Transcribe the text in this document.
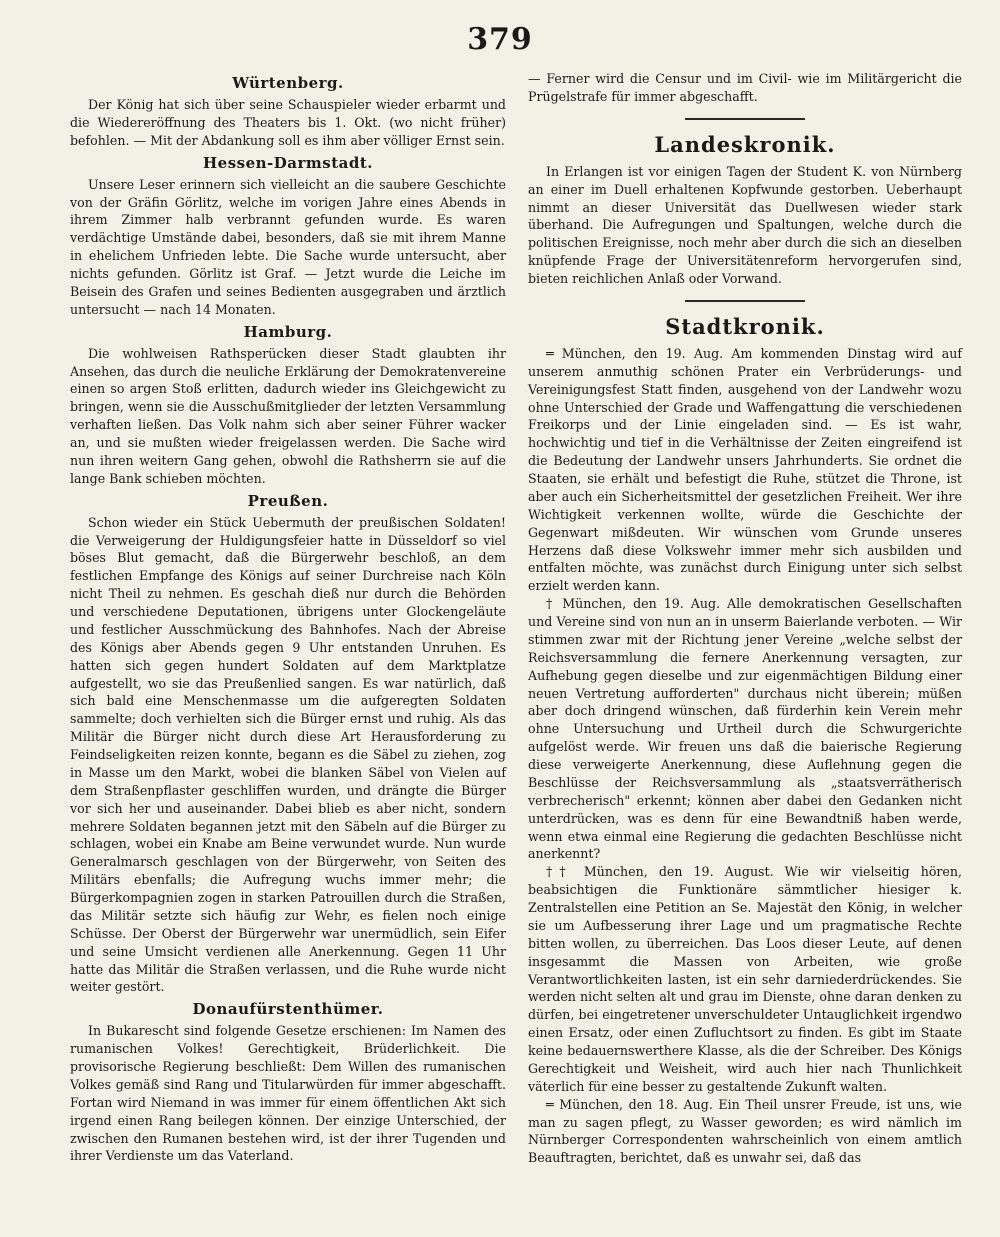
379
Würtenberg.

Der König hat sich über seine Schauspieler wieder erbarmt und die Wiedereröffnung des Theaters bis 1. Okt. (wo nicht früher) befohlen. — Mit der Abdankung soll es ihm aber völliger Ernst sein.

Hessen-Darmstadt.

Unsere Leser erinnern sich vielleicht an die saubere Geschichte von der Gräfin Görlitz, welche im vorigen Jahre eines Abends in ihrem Zimmer halb verbrannt gefunden wurde. Es waren verdächtige Umstände dabei, besonders, daß sie mit ihrem Manne in ehelichem Unfrieden lebte. Die Sache wurde untersucht, aber nichts gefunden. Görlitz ist Graf. — Jetzt wurde die Leiche im Beisein des Grafen und seines Bedienten ausgegraben und ärztlich untersucht — nach 14 Monaten.

Hamburg.

Die wohlweisen Rathsperücken dieser Stadt glaubten ihr Ansehen, das durch die neuliche Erklärung der Demokratenvereine einen so argen Stoß erlitten, dadurch wieder ins Gleichgewicht zu bringen, wenn sie die Ausschußmitglieder der letzten Versammlung verhaften ließen. Das Volk nahm sich aber seiner Führer wacker an, und sie mußten wieder freigelassen werden. Die Sache wird nun ihren weitern Gang gehen, obwohl die Rathsherrn sie auf die lange Bank schieben möchten.

Preußen.

Schon wieder ein Stück Uebermuth der preußischen Soldaten! die Verweigerung der Huldigungsfeier hatte in Düsseldorf so viel böses Blut gemacht, daß die Bürgerwehr beschloß, an dem festlichen Empfange des Königs auf seiner Durchreise nach Köln nicht Theil zu nehmen. Es geschah dieß nur durch die Behörden und verschiedene Deputationen, übrigens unter Glockengeläute und festlicher Ausschmückung des Bahnhofes. Nach der Abreise des Königs aber Abends gegen 9 Uhr entstanden Unruhen. Es hatten sich gegen hundert Soldaten auf dem Marktplatze aufgestellt, wo sie das Preußenlied sangen. Es war natürlich, daß sich bald eine Menschenmasse um die aufgeregten Soldaten sammelte; doch verhielten sich die Bürger ernst und ruhig. Als das Militär die Bürger nicht durch diese Art Herausforderung zu Feindseligkeiten reizen konnte, begann es die Säbel zu ziehen, zog in Masse um den Markt, wobei die blanken Säbel von Vielen auf dem Straßenpflaster geschliffen wurden, und drängte die Bürger vor sich her und auseinander. Dabei blieb es aber nicht, sondern mehrere Soldaten begannen jetzt mit den Säbeln auf die Bürger zu schlagen, wobei ein Knabe am Beine verwundet wurde. Nun wurde Generalmarsch geschlagen von der Bürgerwehr, von Seiten des Militärs ebenfalls; die Aufregung wuchs immer mehr; die Bürgerkompagnien zogen in starken Patrouillen durch die Straßen, das Militär setzte sich häufig zur Wehr, es fielen noch einige Schüsse. Der Oberst der Bürgerwehr war unermüdlich, sein Eifer und seine Umsicht verdienen alle Anerkennung. Gegen 11 Uhr hatte das Militär die Straßen verlassen, und die Ruhe wurde nicht weiter gestört.

Donaufürstenthümer.

In Bukarescht sind folgende Gesetze erschienen: Im Namen des rumanischen Volkes! Gerechtigkeit, Brüderlichkeit. Die provisorische Regierung beschließt: Dem Willen des rumanischen Volkes gemäß sind Rang und Titularwürden für immer abgeschafft. Fortan wird Niemand in was immer für einem öffentlichen Akt sich irgend einen Rang beilegen können. Der einzige Unterschied, der zwischen den Rumanen bestehen wird, ist der ihrer Tugenden und ihrer Verdienste um das Vaterland.

— Ferner wird die Censur und im Civil- wie im Militärgericht die Prügelstrafe für immer abgeschafft.

Landeskronik.

In Erlangen ist vor einigen Tagen der Student K. von Nürnberg an einer im Duell erhaltenen Kopfwunde gestorben. Ueberhaupt nimmt an dieser Universität das Duellwesen wieder stark überhand. Die Aufregungen und Spaltungen, welche durch die politischen Ereignisse, noch mehr aber durch die sich an dieselben knüpfende Frage der Universitätenreform hervorgerufen sind, bieten reichlichen Anlaß oder Vorwand.

Stadtkronik.

═ München, den 19. Aug. Am kommenden Dinstag wird auf unserem anmuthig schönen Prater ein Verbrüderungs- und Vereinigungsfest Statt finden, ausgehend von der Landwehr wozu ohne Unterschied der Grade und Waffengattung die verschiedenen Freikorps und der Linie eingeladen sind. — Es ist wahr, hochwichtig und tief in die Verhältnisse der Zeiten eingreifend ist die Bedeutung der Landwehr unsers Jahrhunderts. Sie ordnet die Staaten, sie erhält und befestigt die Ruhe, stützet die Throne, ist aber auch ein Sicherheitsmittel der gesetzlichen Freiheit. Wer ihre Wichtigkeit verkennen wollte, würde die Geschichte der Gegenwart mißdeuten. Wir wünschen vom Grunde unseres Herzens daß diese Volkswehr immer mehr sich ausbilden und entfalten möchte, was zunächst durch Einigung unter sich selbst erzielt werden kann.

† München, den 19. Aug. Alle demokratischen Gesellschaften und Vereine sind von nun an in unserm Baierlande verboten. — Wir stimmen zwar mit der Richtung jener Vereine „welche selbst der Reichsversammlung die fernere Anerkennung versagten, zur Aufhebung gegen dieselbe und zur eigenmächtigen Bildung einer neuen Vertretung aufforderten" durchaus nicht überein; müßen aber doch dringend wünschen, daß fürderhin kein Verein mehr ohne Untersuchung und Urtheil durch die Schwurgerichte aufgelöst werde. Wir freuen uns daß die baierische Regierung diese verweigerte Anerkennung, diese Auflehnung gegen die Beschlüsse der Reichsversammlung als „staatsverrätherisch verbrecherisch" erkennt; können aber dabei den Gedanken nicht unterdrücken, was es denn für eine Bewandtniß haben werde, wenn etwa einmal eine Regierung die gedachten Beschlüsse nicht anerkennt?

†† München, den 19. August. Wie wir vielseitig hören, beabsichtigen die Funktionäre sämmtlicher hiesiger k. Zentralstellen eine Petition an Se. Majestät den König, in welcher sie um Aufbesserung ihrer Lage und um pragmatische Rechte bitten wollen, zu überreichen. Das Loos dieser Leute, auf denen insgesammt die Massen von Arbeiten, wie große Verantwortlichkeiten lasten, ist ein sehr darniederdrückendes. Sie werden nicht selten alt und grau im Dienste, ohne daran denken zu dürfen, bei eingetretener unverschuldeter Untauglichkeit irgendwo einen Ersatz, oder einen Zufluchtsort zu finden. Es gibt im Staate keine bedauernswerthere Klasse, als die der Schreiber. Des Königs Gerechtigkeit und Weisheit, wird auch hier nach Thunlichkeit väterlich für eine besser zu gestaltende Zukunft walten.

═ München, den 18. Aug. Ein Theil unsrer Freude, ist uns, wie man zu sagen pflegt, zu Wasser geworden; es wird nämlich im Nürnberger Correspondenten wahrscheinlich von einem amtlich Beauftragten, berichtet, daß es unwahr sei, daß das
